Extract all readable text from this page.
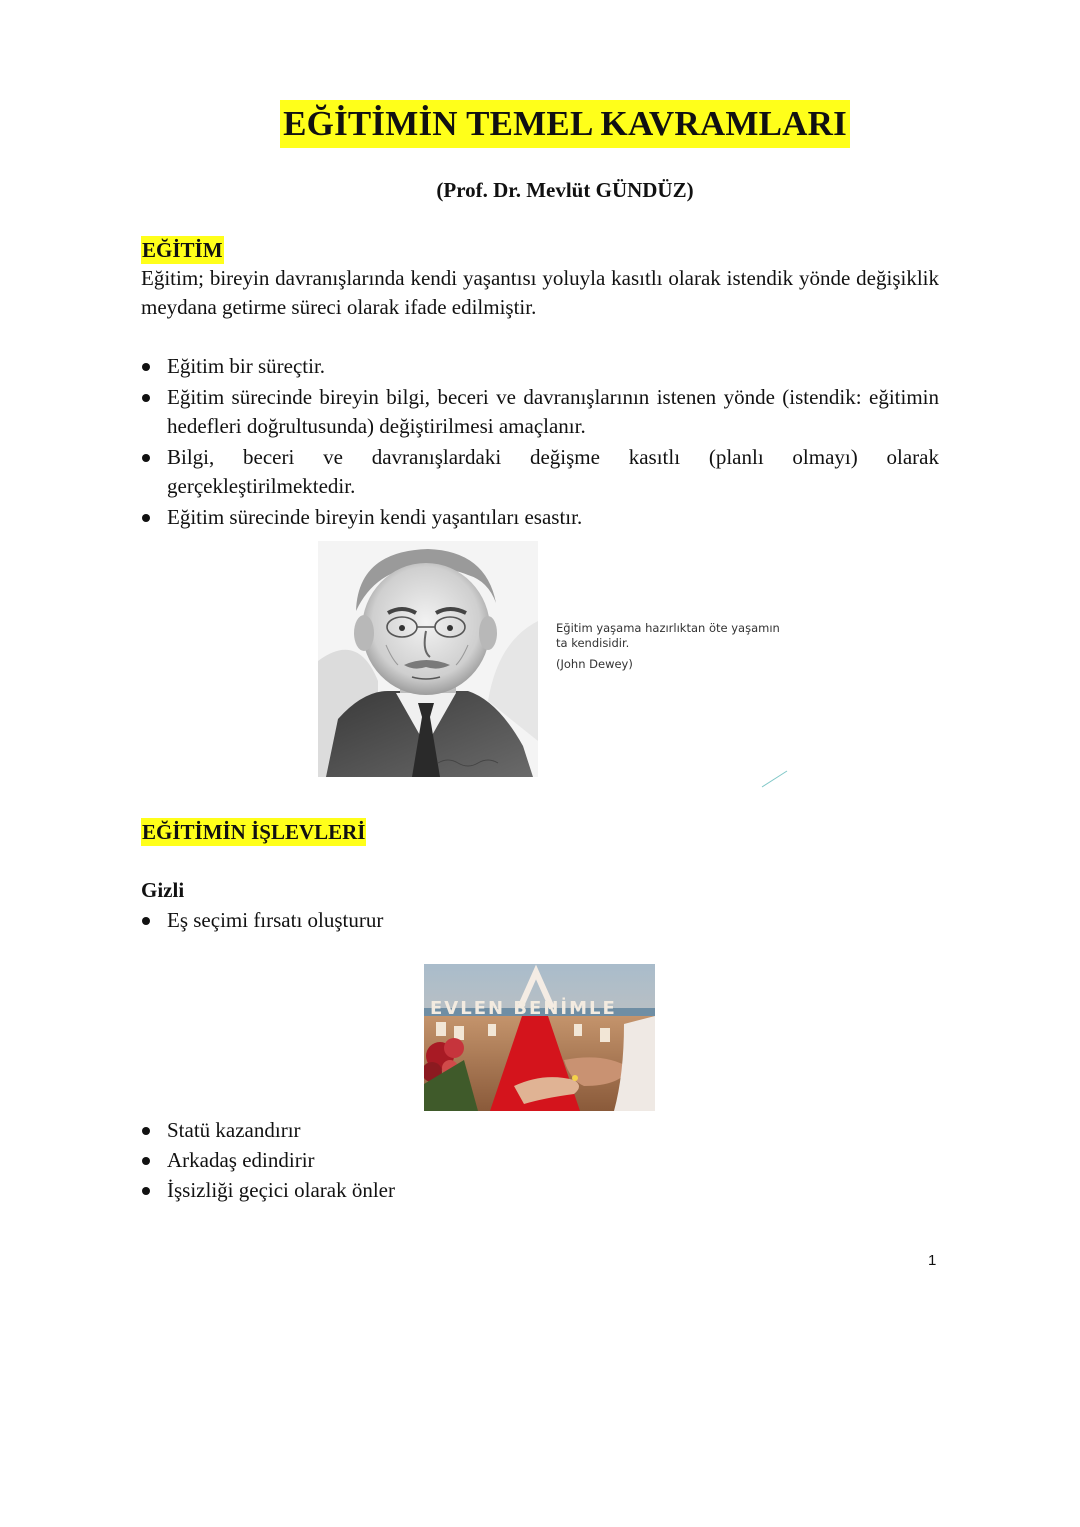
EĞİTİMİN TEMEL KAVRAMLARI
(Prof. Dr. Mevlüt GÜNDÜZ)
EĞİTİM
Eğitim; bireyin davranışlarında kendi yaşantısı yoluyla kasıtlı olarak istendik yönde değişiklik meydana getirme süreci olarak ifade edilmiştir.
Eğitim bir süreçtir.
Eğitim sürecinde bireyin bilgi, beceri ve davranışlarının istenen yönde (istendik: eğitimin hedefleri doğrultusunda) değiştirilmesi amaçlanır.
Bilgi, beceri ve davranışlardaki değişme kasıtlı (planlı olmayı) olarak gerçekleştirilmektedir.
Eğitim sürecinde bireyin kendi yaşantıları esastır.
Eğitim yaşama hazırlıktan öte yaşamın ta kendisidir.
(John Dewey)
EĞİTİMİN İŞLEVLERİ
Gizli
Eş seçimi fırsatı oluşturur
EVLEN BENİMLE
Statü kazandırır
Arkadaş edindirir
İşsizliği geçici olarak önler
1
